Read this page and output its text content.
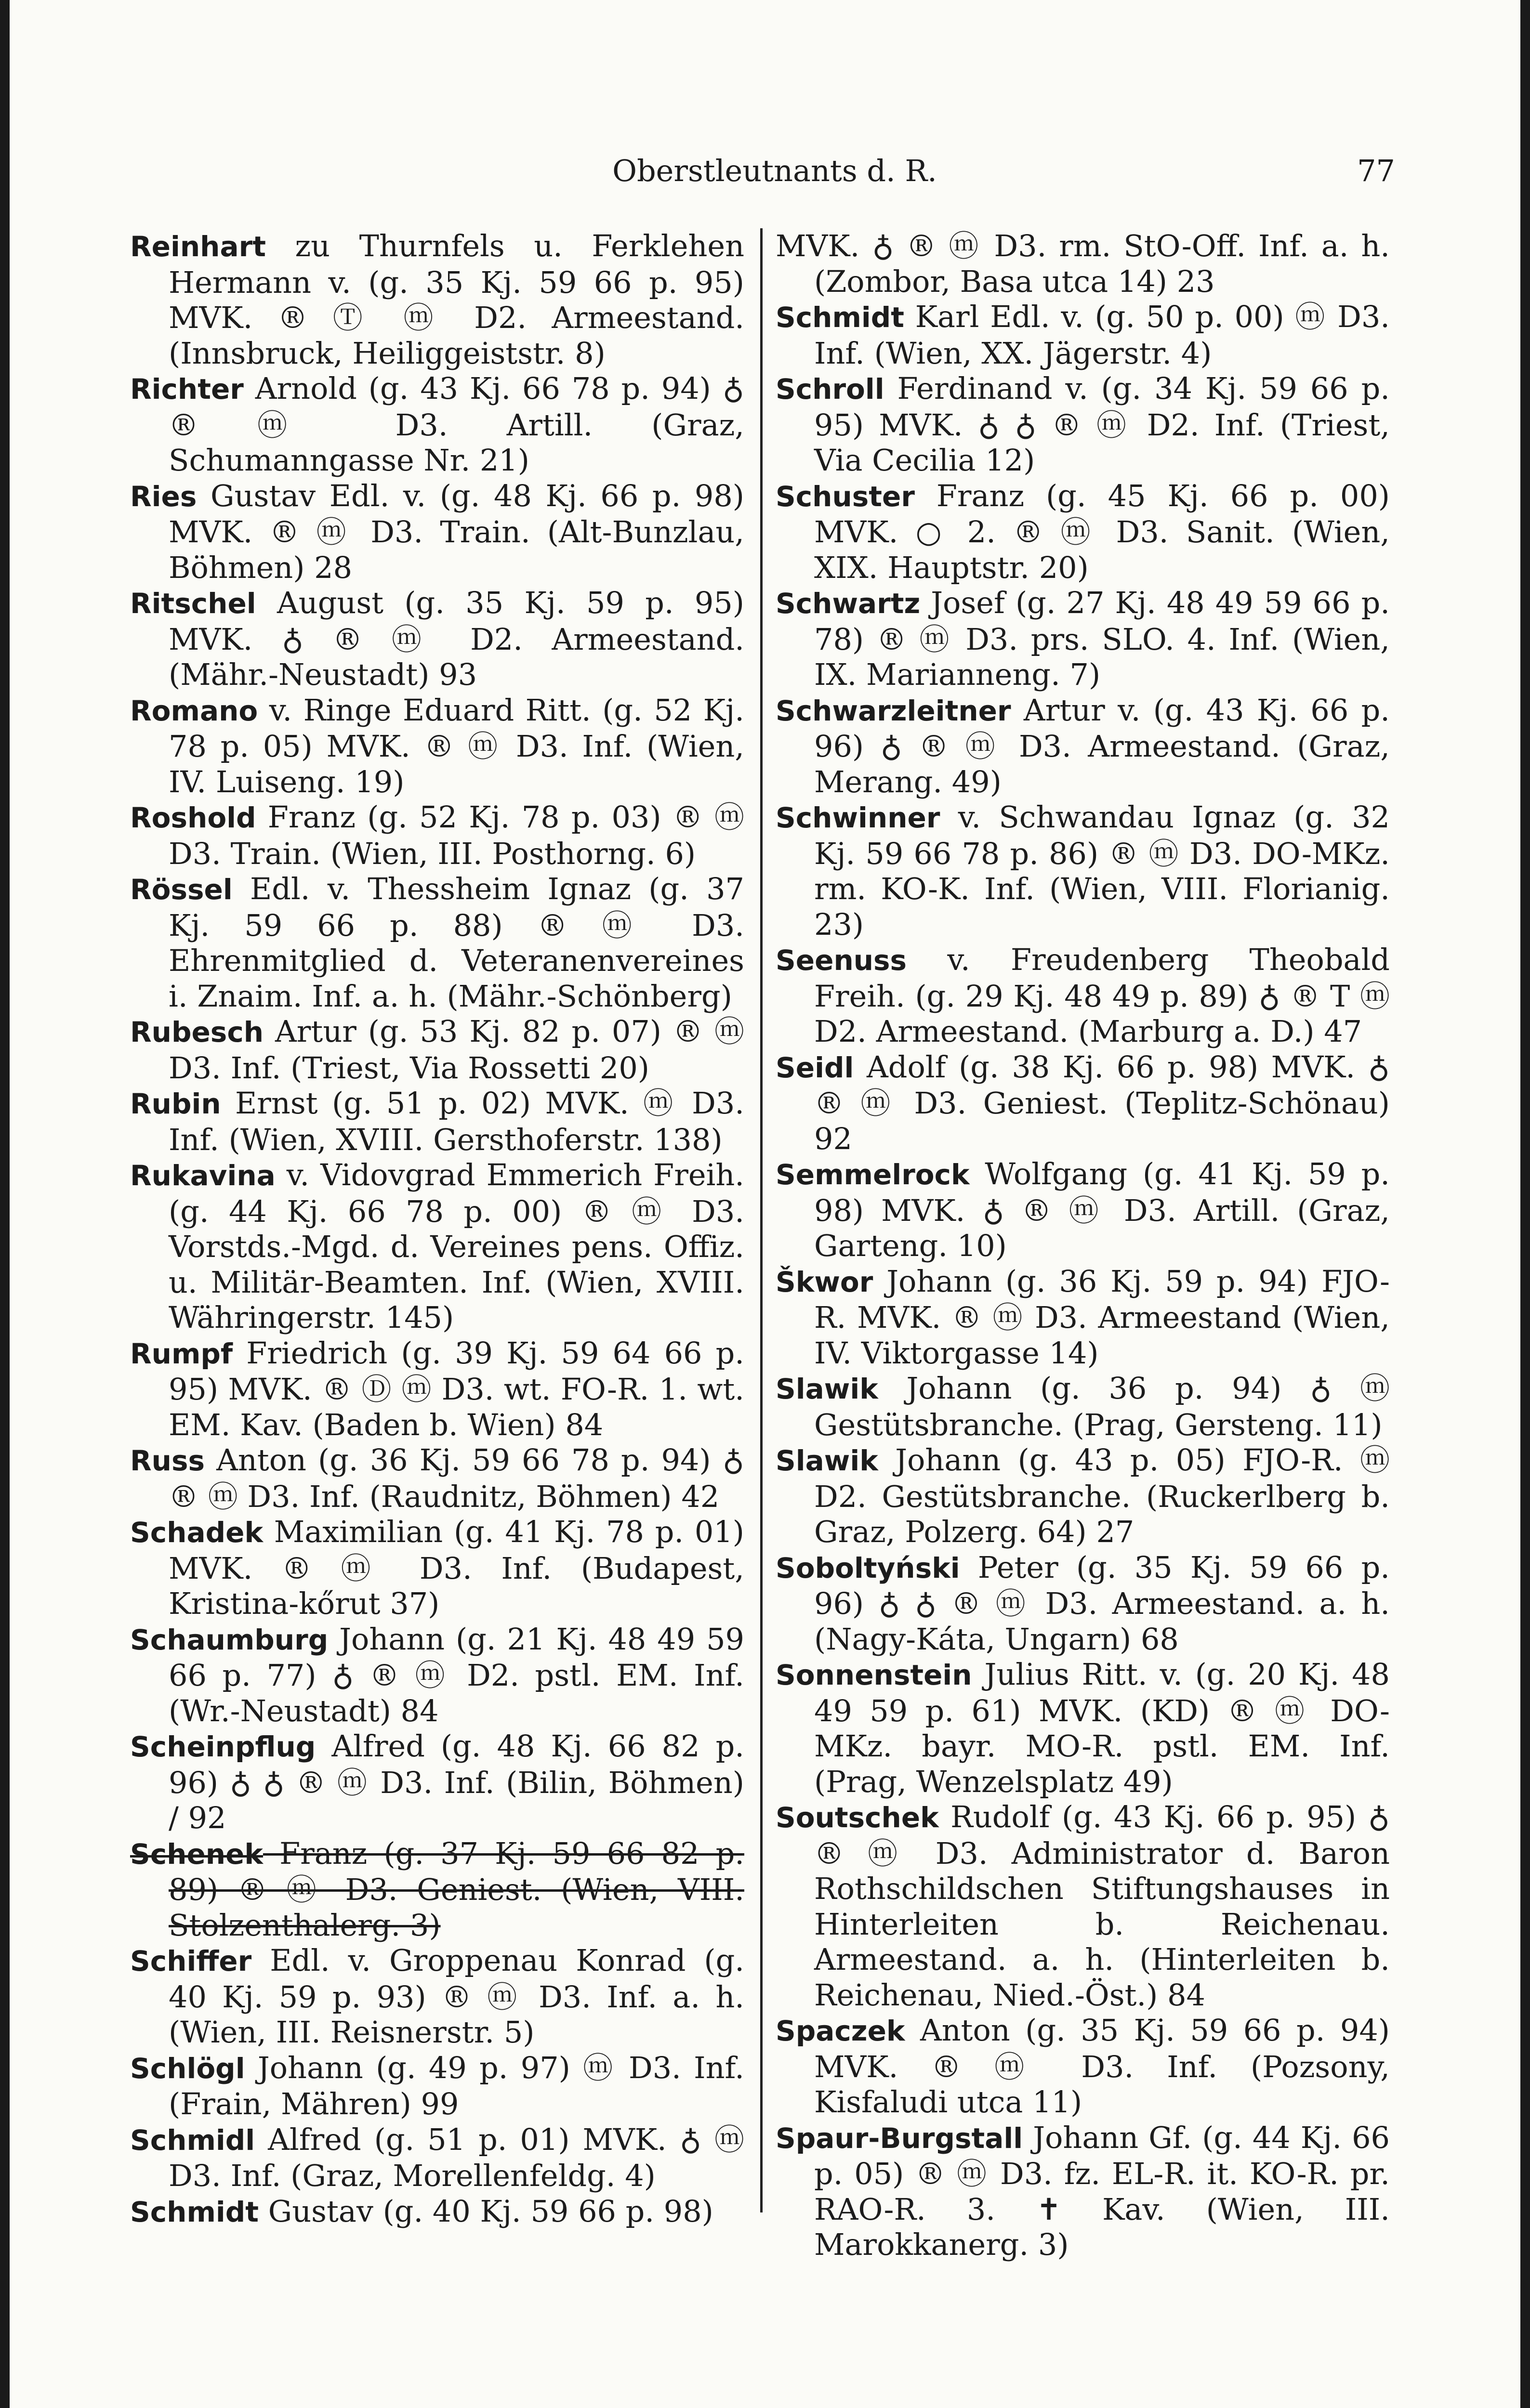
Oberstleutnants d. R.	77
Reinhart zu Thurnfels u. Ferklehen Hermann v. (g. 35 Kj. 59 66 p. 95) MVK. ® Ⓣ ⓜ D2. Armeestand. (Innsbruck, Heiliggeiststr. 8)
Richter Arnold (g. 43 Kj. 66 78 p. 94) ♁ ® ⓜ D3. Artill. (Graz, Schumanngasse Nr. 21)
Ries Gustav Edl. v. (g. 48 Kj. 66 p. 98) MVK. ® ⓜ D3. Train. (Alt-Bunzlau, Böhmen) 28
Ritschel August (g. 35 Kj. 59 p. 95) MVK. ♁ ® ⓜ D2. Armeestand. (Mähr.-Neustadt) 93
Romano v. Ringe Eduard Ritt. (g. 52 Kj. 78 p. 05) MVK. ® ⓜ D3. Inf. (Wien, IV. Luiseng. 19)
Roshold Franz (g. 52 Kj. 78 p. 03) ® ⓜ D3. Train. (Wien, III. Posthorng. 6)
Rössel Edl. v. Thessheim Ignaz (g. 37 Kj. 59 66 p. 88) ® ⓜ D3. Ehrenmitglied d. Veteranenvereines i. Znaim. Inf. a. h. (Mähr.-Schönberg)
Rubesch Artur (g. 53 Kj. 82 p. 07) ® ⓜ D3. Inf. (Triest, Via Rossetti 20)
Rubin Ernst (g. 51 p. 02) MVK. ⓜ D3. Inf. (Wien, XVIII. Gersthoferstr. 138)
Rukavina v. Vidovgrad Emmerich Freih. (g. 44 Kj. 66 78 p. 00) ® ⓜ D3. Vorstds.-Mgd. d. Vereines pens. Offiz. u. Militär-Beamten. Inf. (Wien, XVIII. Währingerstr. 145)
Rumpf Friedrich (g. 39 Kj. 59 64 66 p. 95) MVK. ® Ⓓ ⓜ D3. wt. FO-R. 1. wt. EM. Kav. (Baden b. Wien) 84
Russ Anton (g. 36 Kj. 59 66 78 p. 94) ♁ ® ⓜ D3. Inf. (Raudnitz, Böhmen) 42
Schadek Maximilian (g. 41 Kj. 78 p. 01) MVK. ® ⓜ D3. Inf. (Budapest, Kristina-kőrut 37)
Schaumburg Johann (g. 21 Kj. 48 49 59 66 p. 77) ♁ ® ⓜ D2. pstl. EM. Inf. (Wr.-Neustadt) 84
Scheinpflug Alfred (g. 48 Kj. 66 82 p. 96) ♁ ♁ ® ⓜ D3. Inf. (Bilin, Böhmen) / 92
Schenek Franz (g. 37 Kj. 59 66 82 p. 89) ® ⓜ D3. Geniest. (Wien, VIII. Stolzenthalerg. 3)
Schiffer Edl. v. Groppenau Konrad (g. 40 Kj. 59 p. 93) ® ⓜ D3. Inf. a. h. (Wien, III. Reisnerstr. 5)
Schlögl Johann (g. 49 p. 97) ⓜ D3. Inf. (Frain, Mähren) 99
Schmidl Alfred (g. 51 p. 01) MVK. ♁ ⓜ D3. Inf. (Graz, Morellenfeldg. 4)
Schmidt Gustav (g. 40 Kj. 59 66 p. 98)
MVK. ♁ ® ⓜ D3. rm. StO-Off. Inf. a. h. (Zombor, Basa utca 14) 23
Schmidt Karl Edl. v. (g. 50 p. 00) ⓜ D3. Inf. (Wien, XX. Jägerstr. 4)
Schroll Ferdinand v. (g. 34 Kj. 59 66 p. 95) MVK. ♁ ♁ ® ⓜ D2. Inf. (Triest, Via Cecilia 12)
Schuster Franz (g. 45 Kj. 66 p. 00) MVK. ○ 2. ® ⓜ D3. Sanit. (Wien, XIX. Hauptstr. 20)
Schwartz Josef (g. 27 Kj. 48 49 59 66 p. 78) ® ⓜ D3. prs. SLO. 4. Inf. (Wien, IX. Marianneng. 7)
Schwarzleitner Artur v. (g. 43 Kj. 66 p. 96) ♁ ® ⓜ D3. Armeestand. (Graz, Merang. 49)
Schwinner v. Schwandau Ignaz (g. 32 Kj. 59 66 78 p. 86) ® ⓜ D3. DO-MKz. rm. KO-K. Inf. (Wien, VIII. Florianig. 23)
Seenuss v. Freudenberg Theobald Freih. (g. 29 Kj. 48 49 p. 89) ♁ ® T ⓜ D2. Armeestand. (Marburg a. D.) 47
Seidl Adolf (g. 38 Kj. 66 p. 98) MVK. ♁ ® ⓜ D3. Geniest. (Teplitz-Schönau) 92
Semmelrock Wolfgang (g. 41 Kj. 59 p. 98) MVK. ♁ ® ⓜ D3. Artill. (Graz, Garteng. 10)
Škwor Johann (g. 36 Kj. 59 p. 94) FJO-R. MVK. ® ⓜ D3. Armeestand (Wien, IV. Viktorgasse 14)
Slawik Johann (g. 36 p. 94) ♁ ⓜ Gestütsbranche. (Prag, Gersteng. 11)
Slawik Johann (g. 43 p. 05) FJO-R. ⓜ D2. Gestütsbranche. (Ruckerlberg b. Graz, Polzerg. 64) 27
Soboltyński Peter (g. 35 Kj. 59 66 p. 96) ♁ ♁ ® ⓜ D3. Armeestand. a. h. (Nagy-Káta, Ungarn) 68
Sonnenstein Julius Ritt. v. (g. 20 Kj. 48 49 59 p. 61) MVK. (KD) ® ⓜ DO-MKz. bayr. MO-R. pstl. EM. Inf. (Prag, Wenzelsplatz 49)
Soutschek Rudolf (g. 43 Kj. 66 p. 95) ♁ ® ⓜ D3. Administrator d. Baron Rothschildschen Stiftungshauses in Hinterleiten b. Reichenau. Armeestand. a. h. (Hinterleiten b. Reichenau, Nied.-Öst.) 84
Spaczek Anton (g. 35 Kj. 59 66 p. 94) MVK. ® ⓜ D3. Inf. (Pozsony, Kisfaludi utca 11)
Spaur-Burgstall Johann Gf. (g. 44 Kj. 66 p. 05) ® ⓜ D3. fz. EL-R. it. KO-R. pr. RAO-R. 3. ✝ Kav. (Wien, III. Marokkanerg. 3)
